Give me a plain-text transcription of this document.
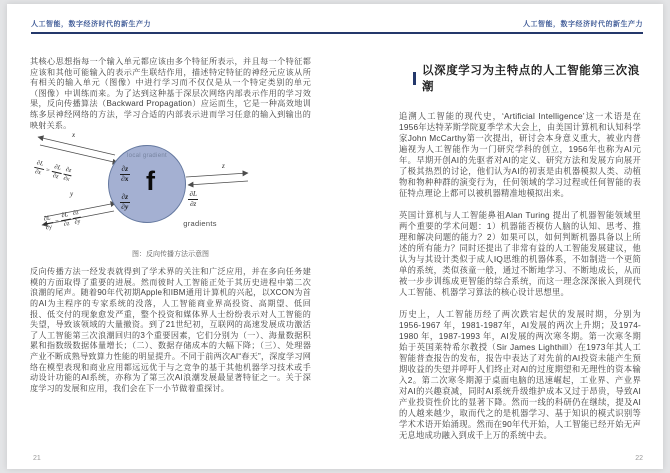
人工智能，数字经济时代的新生产力	人工智能，数字经济时代的新生产力

其核心思想指每一个输入单元都应该由多个特征所表示，并且每一个特征都应该和其他可能输入的表示产生联结作用，描述特定特征的神经元应该从所有相关的输入单元（图像）中进行学习而不仅仅是从一个特定类别的单元（图像）中训练而来。为了达到这种基于深层次网络内部表示作用的学习效果，反向传播算法（Backward Propagation）应运而生，它是一种高效地训练多层神经网络的方法，学习合适的内部表示进而学习任意的输入到输出的映射关系。

x
y
z
$\frac{\partial L}{\partial x} = \frac{\partial L}{\partial z}$
$\frac{\partial z}{\partial x}$
$\frac{\partial L}{\partial y} = \frac{\partial L}{\partial z}$
$\frac{\partial z}{\partial y}$
local gradient
f
$\frac{\partial z}{\partial x}$
$\frac{\partial z}{\partial y}$	$\frac{\partial L}{\partial z}$
gradients
图：反向传播方法示意图

反向传播方法一经发表就得到了学术界的关注和广泛应用，并在多向任务建模的方面取得了重要的进展。然而彼时人工智能正处于其历史进程中第二次浪潮的尾声。随着90年代初期Apple和IBM通用计算机的兴起，以XCON为首的AI为主程序的专家系统的没落，人工智能商业界高投资、高期望、低回报、低交付的现象愈发严重，整个投资和媒体界人士纷纷表示对人工智能的失望，导致该领域的大量撤资。到了21世纪初，互联网的高速发展成功激活了人工智能第三次浪潮回归的3个重要因素，它们分别为（一）、海量数据积累和指数级数据体量增长；（二）、数据存储成本的大幅下降；（三）、处理器产业不断成熟导致算力性能的明显提升。不同于前两次AI“春天”，深度学习网络在模型表现和商业应用都远远优于与之竞争的基于其他机器学习技术或手动设计功能的AI系统，亦称为了第三次AI浪潮发展最显著特征之一。关于深度学习的发展和应用，我们会在下一小节做着重探讨。

21
以深度学习为主特点的人工智能第三次浪潮

追溯人工智能的现代史，‘Artificial Intelligence’这一术语是在1956年达特茅斯学院夏季学术大会上，由美国计算机和认知科学家John McCarthy第一次提出，研讨会本身意义重大，被业内普遍视为人工智能作为一门研究学科的创立，1956年也称为AI元年。早期开创AI的先驱者对AI的定义、研究方法和发展方向展开了极其热烈的讨论，他们认为AI的初衷是由机器模拟人类、动植物和物种种群的演变行为，任何领域的学习过程或任何智能的表征特点理论上都可以被机器精准地模拟出来。

英国计算机与人工智能鼻祖Alan Turing 提出了机器智能领域里两个重要的学术问题：1）机器能否模仿人脑的认知、思考、推理和解决问题的能力？2）如果可以，如何判断机器具备以上所述的所有能力？同时还提出了非常有益的人工智能发展建议，他认为与其设计类似于成人IQ思维的机器体系，不如制造一个更简单的系统，类似孩童一般，通过不断地学习、不断地成长，从而被一步步训练成更智能的综合系统，而这一理念深深嵌入到现代人工智能、机器学习算法的核心设计思想里。

历史上，人工智能历经了两次跌宕起伏的发展时期，分别为1956-1967 年，1981-1987年，AI发展的两次上升期；及1974-1980 年，1987-1993 年，AI发展的两次寒冬期。第一次寒冬期始于英国莱特希尔教授（Sir James Lighthill）在1973年其人工智能普查报告的发布，报告中表达了对先前的AI投资未能产生预期收益的失望并呼吁人们终止对AI的过度期望和无理性的资本输入2。第二次寒冬期源于桌面电脑的迅速崛起，工业界、产业界对AI的兴趣衰减，同时AI系统升级维护成本又过于昂贵，导致AI产业投资性价比的显著下降。然而一线的科研仍在继续，提及AI的人越来越少，取而代之的是机器学习、基于知识的模式识别等学术术语开始涌现。然而在90年代开始，人工智能已经开始无声无息地成功融入到成千上万的系统中去。

22
